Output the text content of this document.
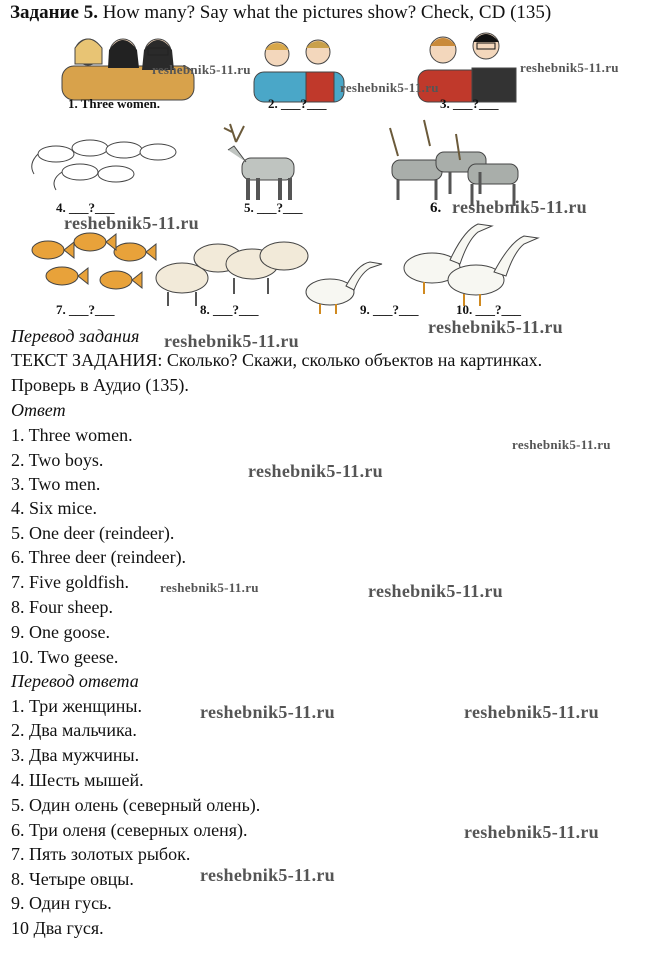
Задание 5. How many? Say what the pictures show? Check, CD (135)
1. Three women.	2. ___?___	3. ___?___
4. ___?___	5. ___?___	6.
7. ___?___	8. ___?___	9. ___?___	10. ___?___
Перевод задания
ТЕКСТ ЗАДАНИЯ: Сколько? Скажи, сколько объектов на картинках.
Проверь в Аудио (135).
Ответ
1. Three women.
2. Two boys.
3. Two men.
4. Six mice.
5. One deer (reindeer).
6. Three deer (reindeer).
7. Five goldfish.
8. Four sheep.
9. One goose.
10. Two geese.
Перевод ответа
1. Три женщины.
2. Два мальчика.
3. Два мужчины.
4. Шесть мышей.
5. Один олень (северный олень).
6. Три оленя (северных оленя).
7. Пять золотых рыбок.
8. Четыре овцы.
9. Один гусь.
10 Два гуся.
reshebnik5-11.ru
reshebnik5-11.ru
reshebnik5-11.ru
reshebnik5-11.ru
reshebnik5-11.ru
reshebnik5-11.ru
reshebnik5-11.ru
reshebnik5-11.ru
reshebnik5-11.ru
reshebnik5-11.ru	reshebnik5-11.ru
reshebnik5-11.ru	reshebnik5-11.ru
reshebnik5-11.ru
reshebnik5-11.ru
